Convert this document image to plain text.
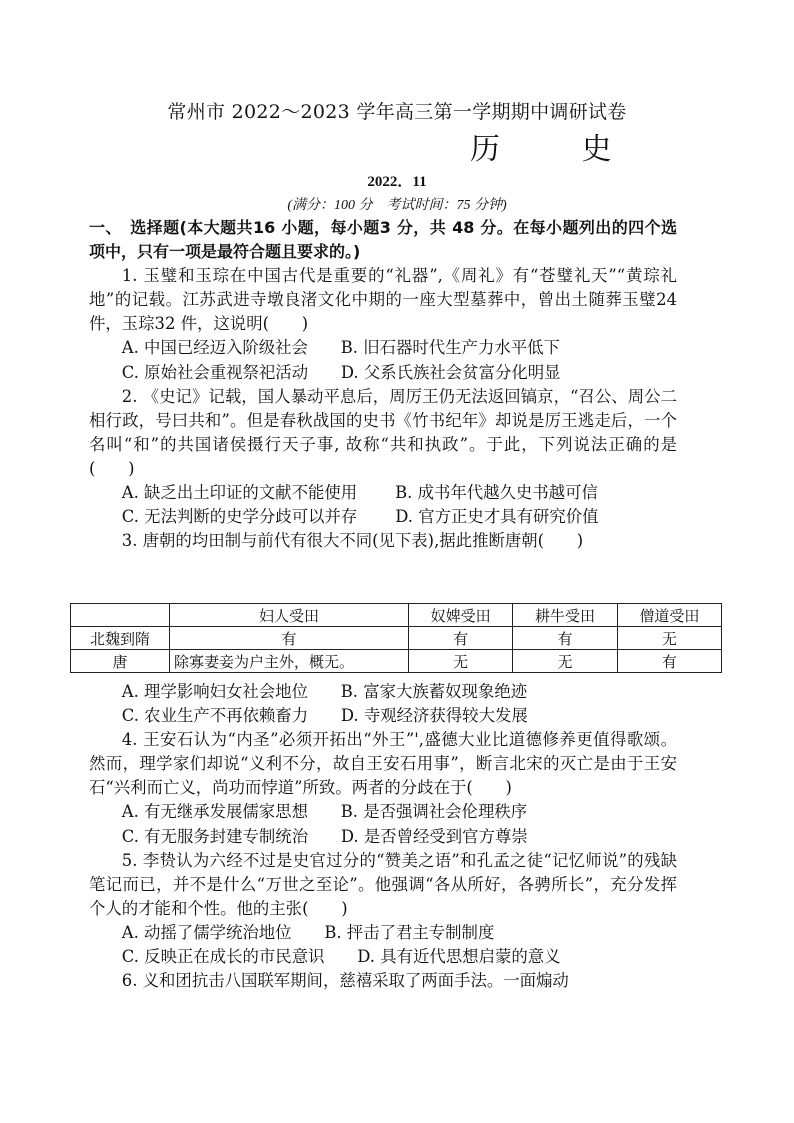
常州市 2022～2023 学年高三第一学期期中调研试卷
历 史
2022．11
(满分：100 分　考试时间：75 分钟)

一、　选择题(本大题共16 小题，每小题3 分，共 48 分。在每小题列出的四个选项中，只有一项是最符合题且要求的。)

1. 玉璧和玉琮在中国古代是重要的“礼器”,《周礼》有“苍璧礼天”“黄琮礼地”的记载。江苏武进寺墩良渚文化中期的一座大型墓葬中，曾出土随葬玉璧24 件，玉琮32 件，这说明(　　)

A. 中国已经迈入阶级社会　　B. 旧石器时代生产力水平低下

C. 原始社会重视祭祀活动　　D. 父系氏族社会贫富分化明显

2. 《史记》记载，国人暴动平息后，周厉王仍无法返回镐京，“召公、周公二相行政，号曰共和”。但是春秋战国的史书《竹书纪年》却说是厉王逃走后，一个名叫“和”的共国诸侯摄行天子事, 故称“共和执政”。于此，下列说法正确的是(　　)

A. 缺乏出土印证的文献不能使用　　 B. 成书年代越久史书越可信

C. 无法判断的史学分歧可以并存　　 D. 官方正史才具有研究价值

3. 唐朝的均田制与前代有很大不同(见下表),据此推断唐朝(　　)

	妇人受田	奴婢受田	耕牛受田	僧道受田
北魏到隋	有	有	有	无
唐	除寡妻妾为户主外，概无。	无	无	有

A. 理学影响妇女社会地位　　B. 富家大族蓄奴现象绝迹

C. 农业生产不再依赖畜力　　D. 寺观经济获得较大发展

4. 王安石认为“内圣”必须开拓出“外王”',盛德大业比道德修养更值得歌颂。然而，理学家们却说“义利不分，故自王安石用事”，断言北宋的灭亡是由于王安石“兴利而亡义，尚功而悖道”所致。两者的分歧在于(　　)

A. 有无继承发展儒家思想　　B. 是否强调社会伦理秩序

C. 有无服务封建专制统治　　D. 是否曾经受到官方尊崇

5. 李贽认为六经不过是史官过分的“赞美之语”和孔孟之徒“记忆师说”的残缺笔记而已，并不是什么“万世之至论”。他强调“各从所好，各骋所长”，充分发挥个人的才能和个性。他的主张(　　)

A. 动摇了儒学统治地位　　B. 抨击了君主专制制度

C. 反映正在成长的市民意识　　D. 具有近代思想启蒙的意义

6. 义和团抗击八国联军期间，慈禧采取了两面手法。一面煽动
